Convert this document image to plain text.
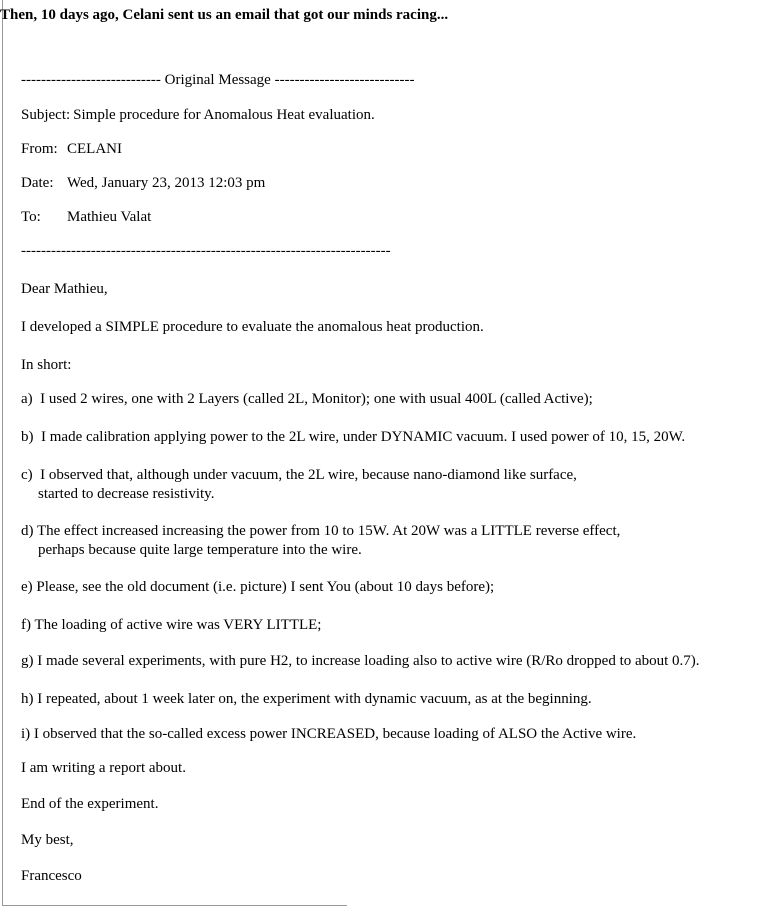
Then, 10 days ago, Celani sent us an email that got our minds racing...

---------------------------- Original Message ----------------------------

Subject: Simple procedure for Anomalous Heat evaluation.

From: CELANI

Date: Wed, January 23, 2013 12:03 pm

To: Mathieu Valat

--------------------------------------------------------------------------

Dear Mathieu,

I developed a SIMPLE procedure to evaluate the anomalous heat production.

In short:

a)  I used 2 wires, one with 2 Layers (called 2L, Monitor); one with usual 400L (called Active);

b)  I made calibration applying power to the 2L wire, under DYNAMIC vacuum. I used power of 10, 15, 20W.

c)  I observed that, although under vacuum, the 2L wire, because nano-diamond like surface,
started to decrease resistivity.

d) The effect increased increasing the power from 10 to 15W. At 20W was a LITTLE reverse effect,
perhaps because quite large temperature into the wire.

e) Please, see the old document (i.e. picture) I sent You (about 10 days before);

f) The loading of active wire was VERY LITTLE;

g) I made several experiments, with pure H2, to increase loading also to active wire (R/Ro dropped to about 0.7).

h) I repeated, about 1 week later on, the experiment with dynamic vacuum, as at the beginning.

i) I observed that the so-called excess power INCREASED, because loading of ALSO the Active wire.

I am writing a report about.

End of the experiment.

My best,

Francesco
